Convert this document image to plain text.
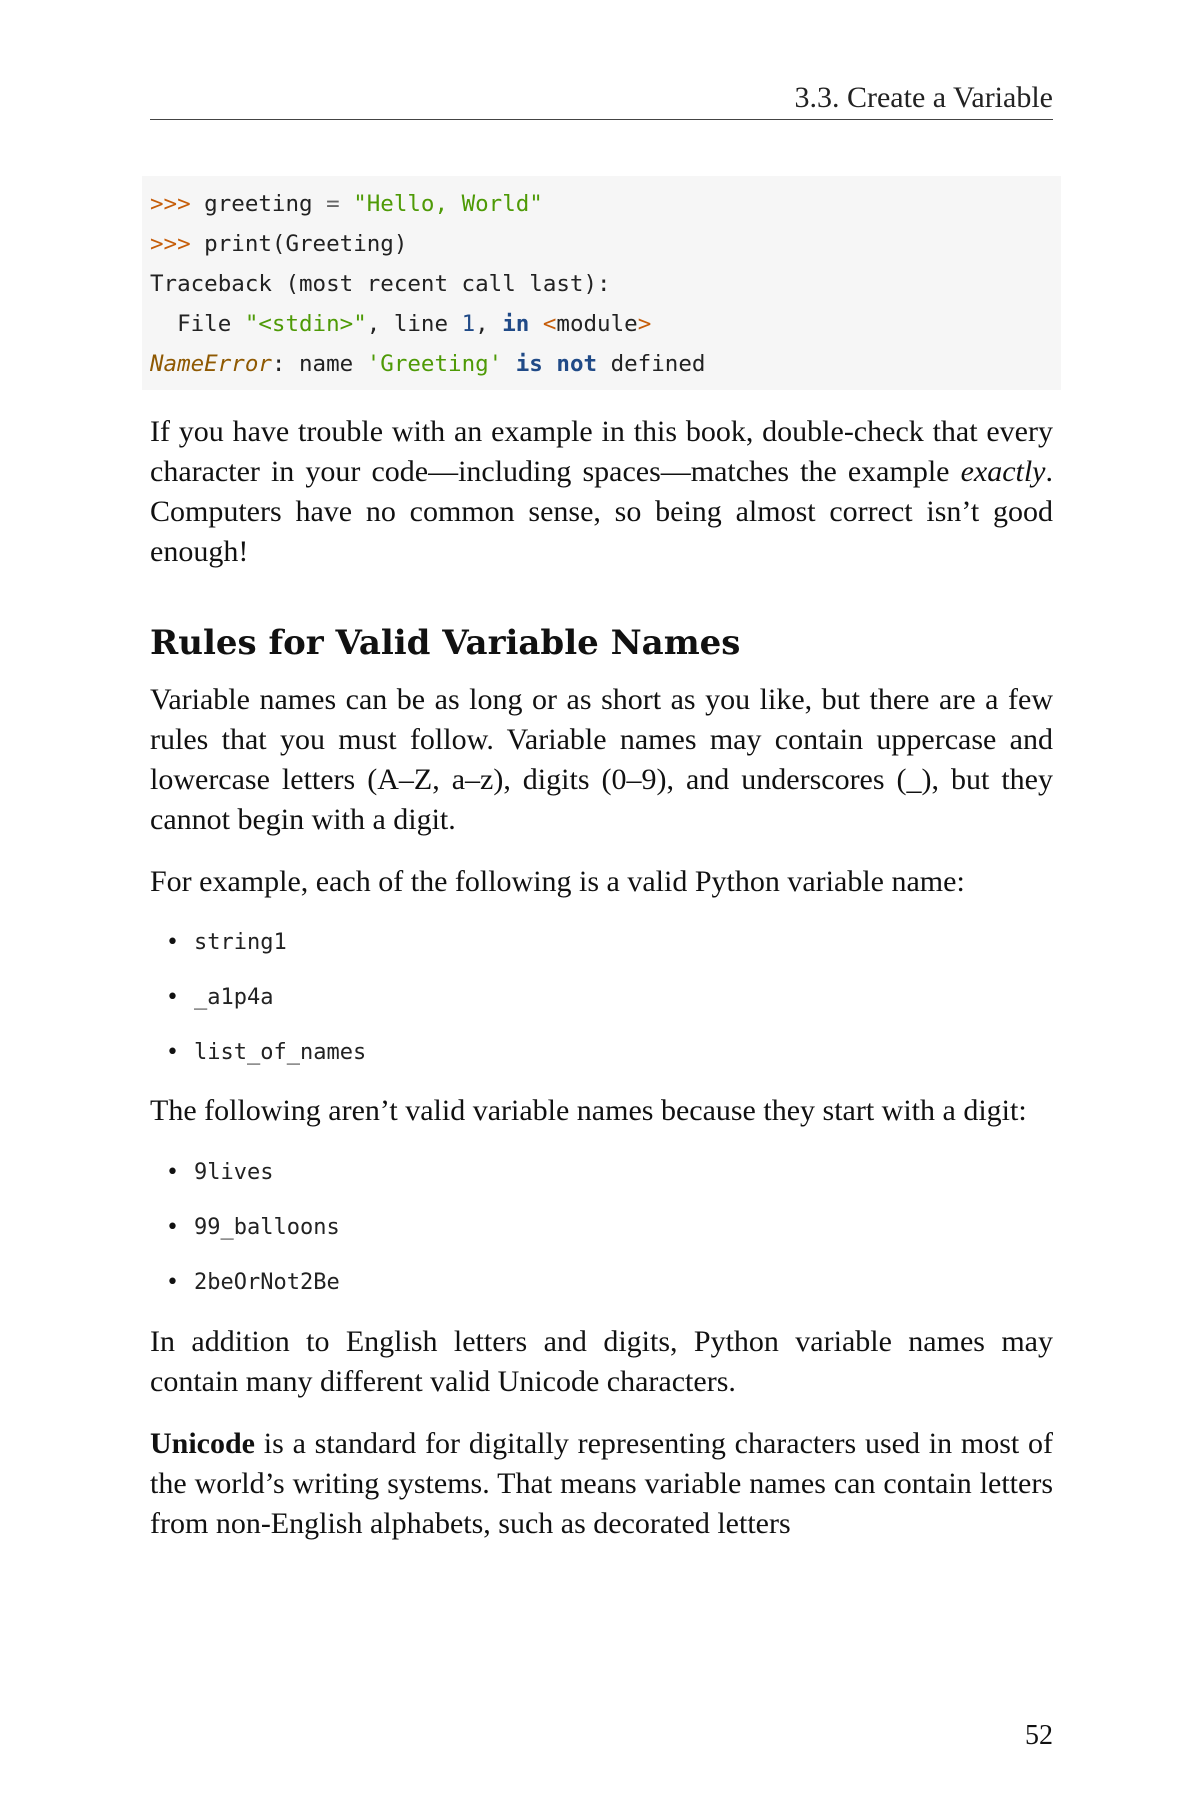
3.3. Create a Variable
>>> greeting = "Hello, World"
>>> print(Greeting)
Traceback (most recent call last):
File "<stdin>", line 1, in <module>
NameError: name 'Greeting' is not defined

If you have trouble with an example in this book, double-check that every character in your code—including spaces—matches the example exactly. Computers have no common sense, so being almost correct isn’t good enough!

Rules for Valid Variable Names

Variable names can be as long or as short as you like, but there are a few rules that you must follow. Variable names may contain uppercase and lowercase letters (A–Z, a–z), digits (0–9), and underscores (_), but they cannot begin with a digit.

For example, each of the following is a valid Python variable name:

• string1
• _a1p4a
• list_of_names

The following aren’t valid variable names because they start with a digit:

• 9lives
• 99_balloons
• 2beOrNot2Be

In addition to English letters and digits, Python variable names may contain many different valid Unicode characters.

Unicode is a standard for digitally representing characters used in most of the world’s writing systems. That means variable names can contain letters from non-English alphabets, such as decorated letters

52
